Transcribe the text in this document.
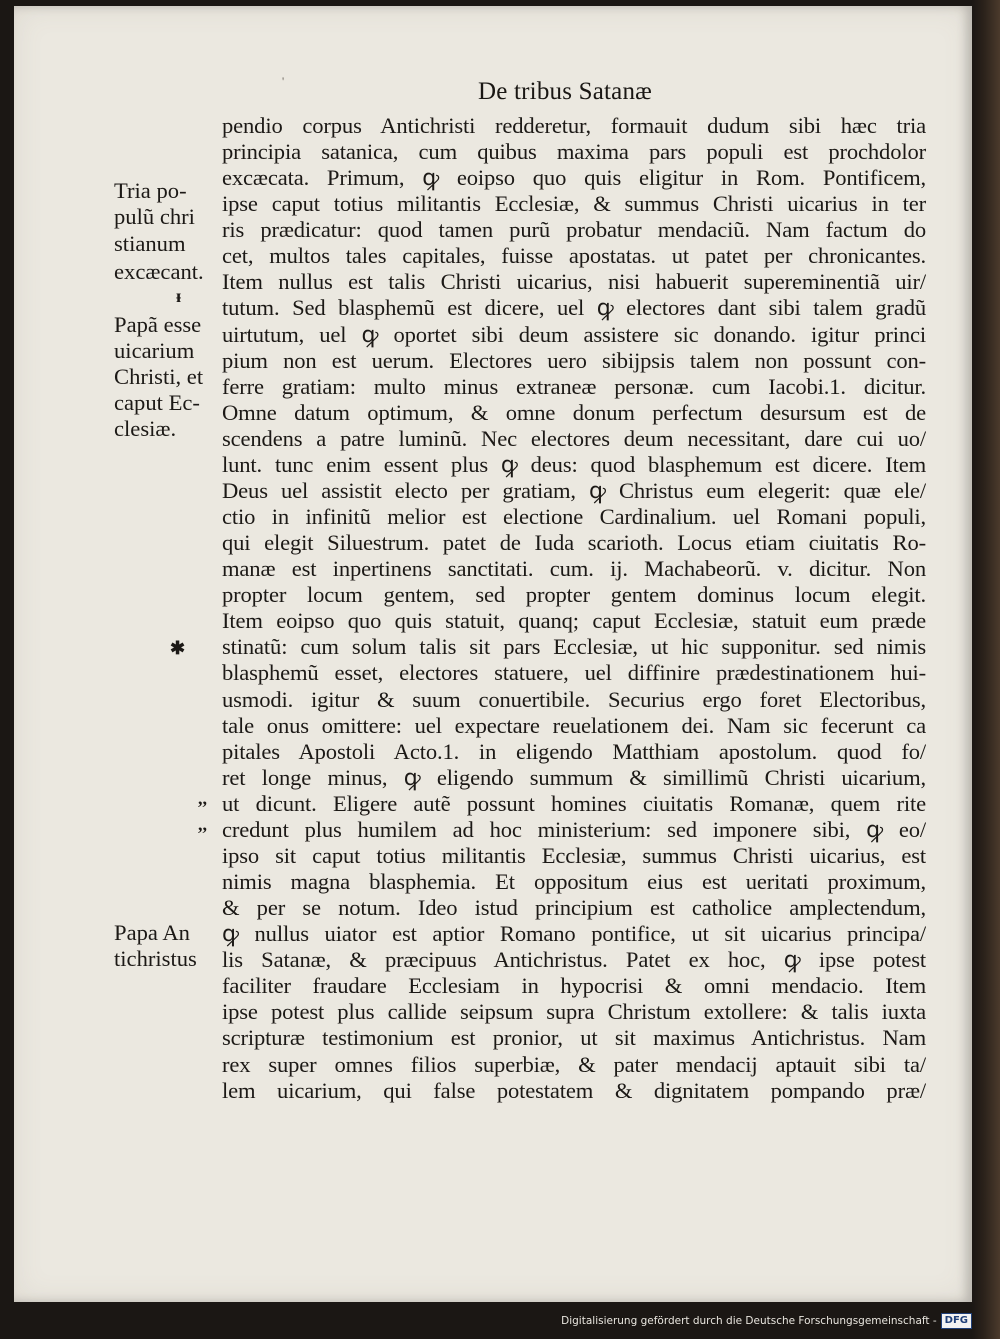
'	De tribus Satanæ
pendio corpus Antichristi redderetur, formauit dudum sibi hæc tria
principia satanica, cum quibus maxima pars populi est prochdolor
excæcata. Primum, ꝙ eoipso quo quis eligitur in Rom. Pontificem,
ipse caput totius militantis Ecclesiæ, & summus Christi uicarius in ter
ris prædicatur: quod tamen purũ probatur mendaciũ. Nam factum do
cet, multos tales capitales, fuisse apostatas. ut patet per chronicantes.
Item nullus est talis Christi uicarius, nisi habuerit supereminentiã uir/
tutum. Sed blasphemũ est dicere, uel ꝙ electores dant sibi talem gradũ
uirtutum, uel ꝙ oportet sibi deum assistere sic donando. igitur princi
pium non est uerum. Electores uero sibijpsis talem non possunt con-
ferre gratiam: multo minus extraneæ personæ. cum Iacobi.1. dicitur.
Omne datum optimum, & omne donum perfectum desursum est de
scendens a patre luminũ. Nec electores deum necessitant, dare cui uo/
lunt. tunc enim essent plus ꝙ deus: quod blasphemum est dicere. Item
Deus uel assistit electo per gratiam, ꝙ Christus eum elegerit: quæ ele/
ctio in infinitũ melior est electione Cardinalium. uel Romani populi,
qui elegit Siluestrum. patet de Iuda scarioth. Locus etiam ciuitatis Ro-
manæ est inpertinens sanctitati. cum. ij. Machabeorũ. v. dicitur. Non
propter locum gentem, sed propter gentem dominus locum elegit.
Item eoipso quo quis statuit, quanq; caput Ecclesiæ, statuit eum præde
stinatũ: cum solum talis sit pars Ecclesiæ, ut hic supponitur. sed nimis
blasphemũ esset, electores statuere, uel diffinire prædestinationem hui-
usmodi. igitur & suum conuertibile. Securius ergo foret Electoribus,
tale onus omittere: uel expectare reuelationem dei. Nam sic fecerunt ca
pitales Apostoli Acto.1. in eligendo Matthiam apostolum. quod fo/
ret longe minus, ꝙ eligendo summum & simillimũ Christi uicarium,
ut dicunt. Eligere autẽ possunt homines ciuitatis Romanæ, quem rite
credunt plus humilem ad hoc ministerium: sed imponere sibi, ꝙ eo/
ipso sit caput totius militantis Ecclesiæ, summus Christi uicarius, est
nimis magna blasphemia. Et oppositum eius est ueritati proximum,
& per se notum. Ideo istud principium est catholice amplectendum,
ꝙ nullus uiator est aptior Romano pontifice, ut sit uicarius principa/
lis Satanæ, & præcipuus Antichristus. Patet ex hoc, ꝙ ipse potest
faciliter fraudare Ecclesiam in hypocrisi & omni mendacio. Item
ipse potest plus callide seipsum supra Christum extollere: & talis iuxta
scripturæ testimonium est pronior, ut sit maximus Antichristus. Nam
rex super omnes filios superbiæ, & pater mendacij aptauit sibi ta/
lem uicarium, qui false potestatem & dignitatem pompando præ/
Tria po-
pulũ chri
stianum
excæcant.
ᵻ
Papã esse
uicarium
Christi, et
caput Ec-
clesiæ.
✱
,,
,,
Papa An
tichristus
Digitalisierung gefördert durch die Deutsche Forschungsgemeinschaft - DFG
